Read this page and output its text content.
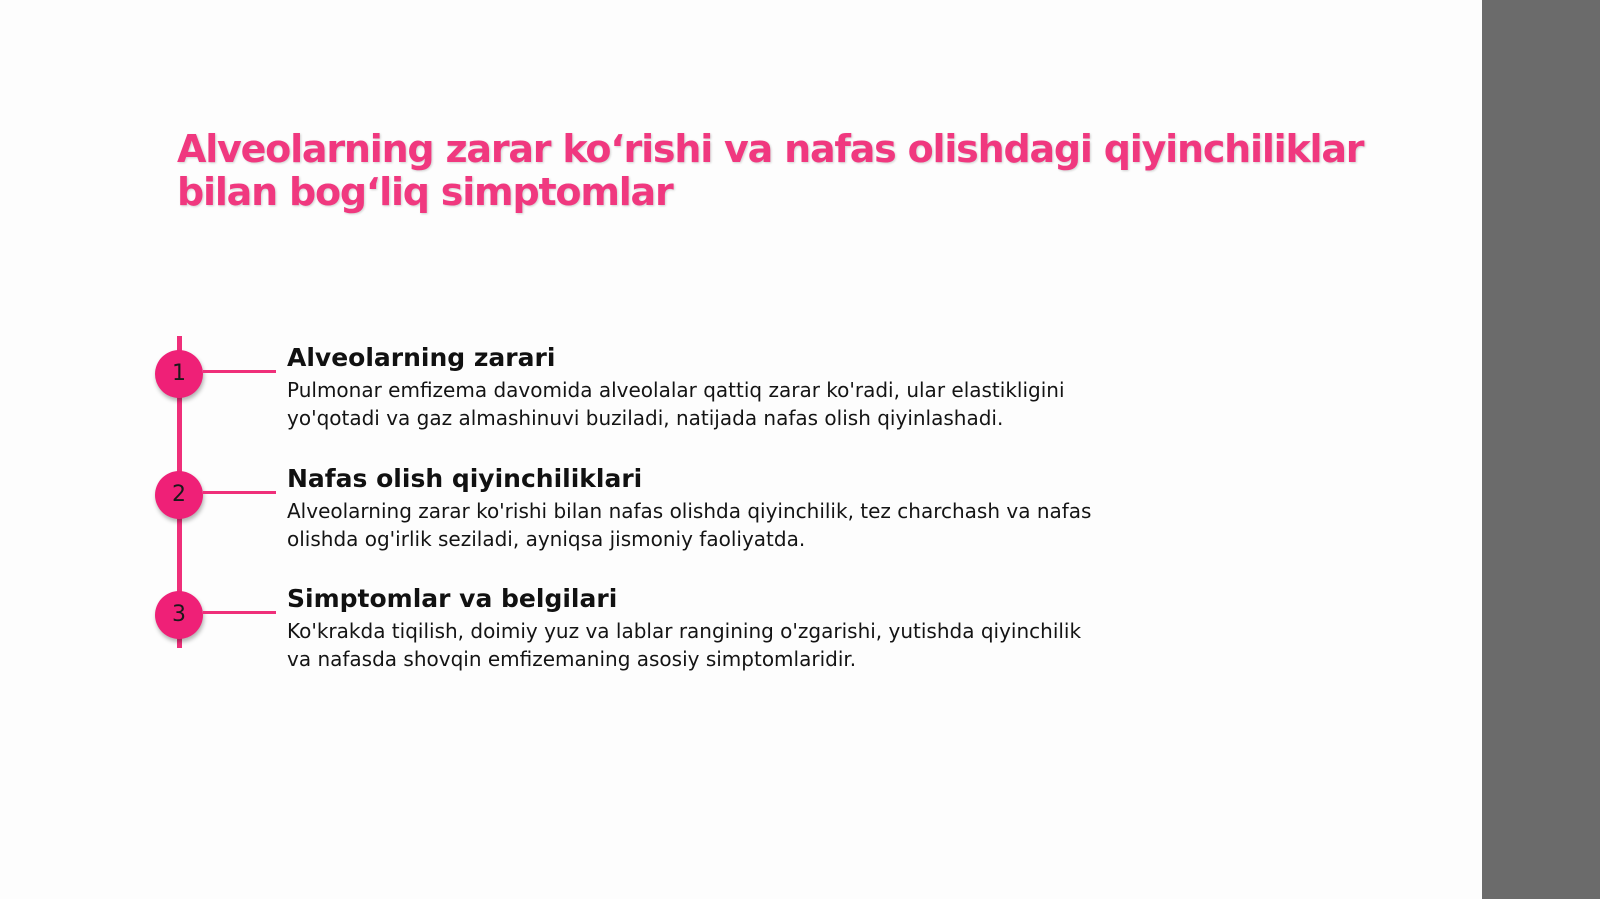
Alveolarning zarar ko‘rishi va nafas olishdagi qiyinchiliklar bilan bog‘liq simptomlar
1

Alveolarning zarari

Pulmonar emfizema davomida alveolalar qattiq zarar ko'radi, ular elastikligini yo'qotadi va gaz almashinuvi buziladi, natijada nafas olish qiyinlashadi.

2

Nafas olish qiyinchiliklari

Alveolarning zarar ko'rishi bilan nafas olishda qiyinchilik, tez charchash va nafas olishda og'irlik seziladi, ayniqsa jismoniy faoliyatda.

3

Simptomlar va belgilari

Ko'krakda tiqilish, doimiy yuz va lablar rangining o'zgarishi, yutishda qiyinchilik va nafasda shovqin emfizemaning asosiy simptomlaridir.
